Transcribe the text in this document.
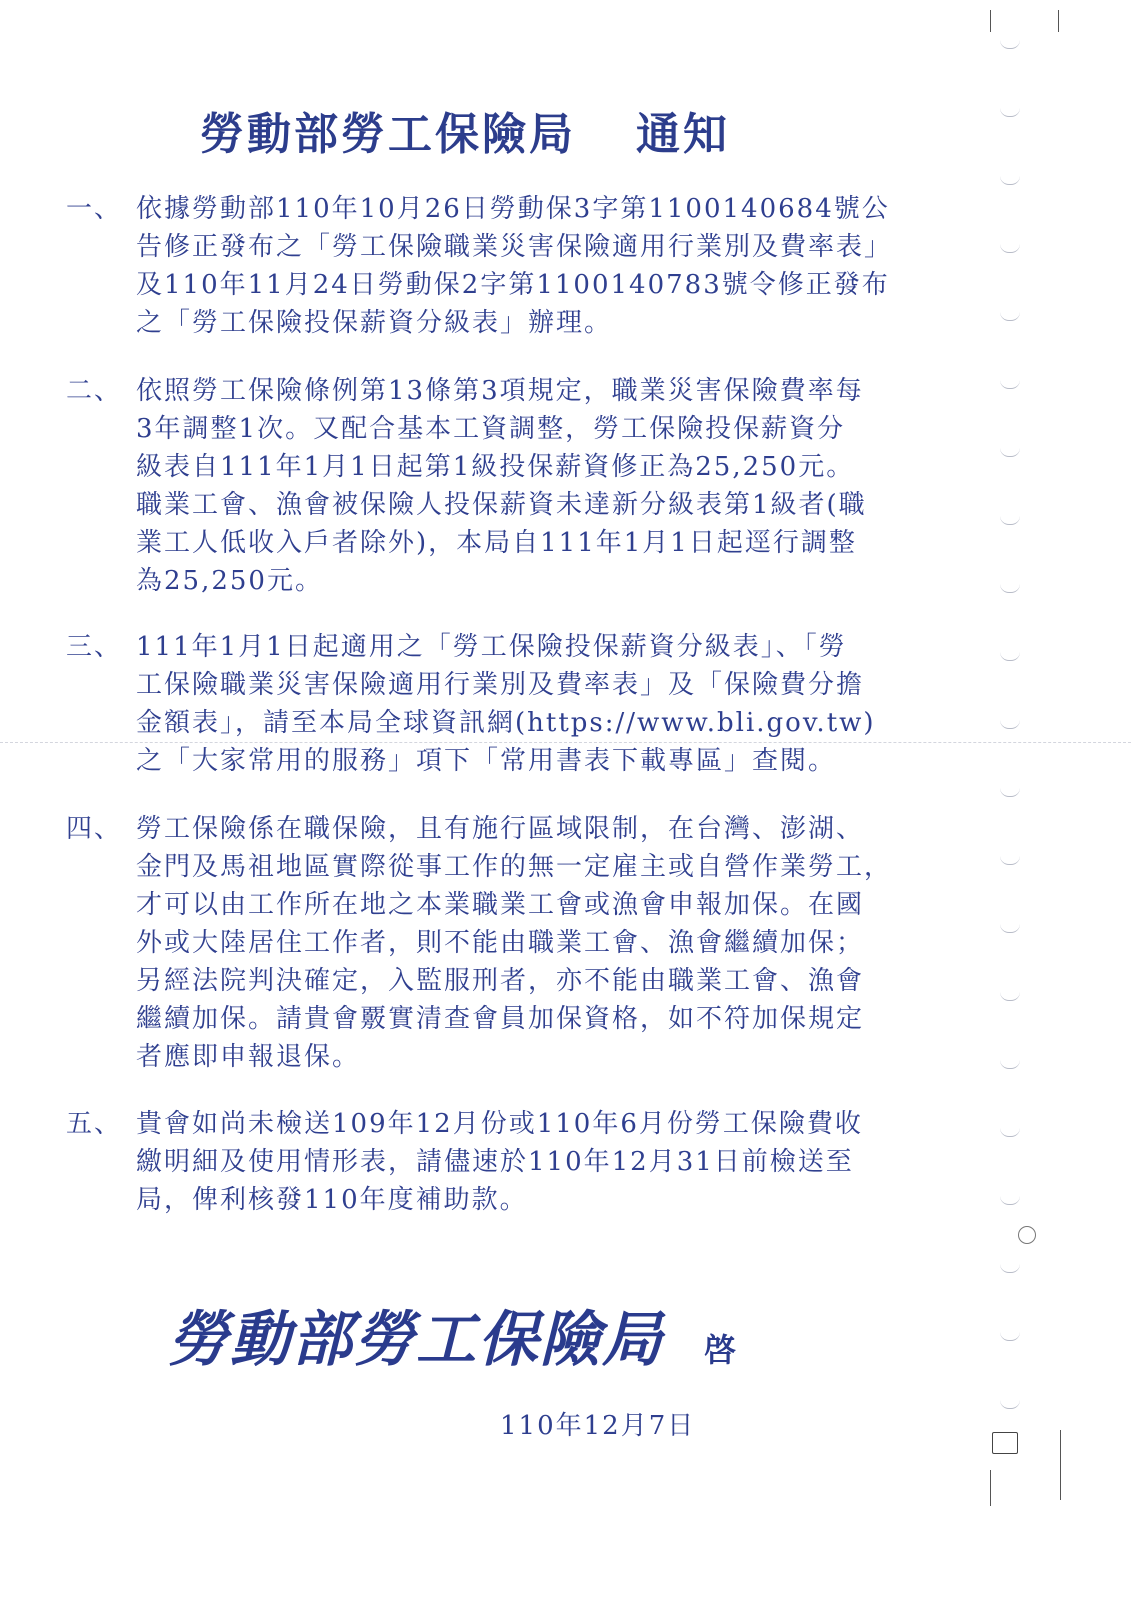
勞動部勞工保險局 通知
一、 依據勞動部110年10月26日勞動保3字第1100140684號公
告修正發布之「勞工保險職業災害保險適用行業別及費率表」
及110年11月24日勞動保2字第1100140783號令修正發布
之「勞工保險投保薪資分級表」辦理。
二、 依照勞工保險條例第13條第3項規定，職業災害保險費率每
3年調整1次。又配合基本工資調整，勞工保險投保薪資分
級表自111年1月1日起第1級投保薪資修正為25,250元。
職業工會、漁會被保險人投保薪資未達新分級表第1級者(職
業工人低收入戶者除外)，本局自111年1月1日起逕行調整
為25,250元。
三、 111年1月1日起適用之「勞工保險投保薪資分級表」、「勞
工保險職業災害保險適用行業別及費率表」及「保險費分擔
金額表」，請至本局全球資訊網(https://www.bli.gov.tw)
之「大家常用的服務」項下「常用書表下載專區」查閱。
四、 勞工保險係在職保險，且有施行區域限制，在台灣、澎湖、
金門及馬祖地區實際從事工作的無一定雇主或自營作業勞工，
才可以由工作所在地之本業職業工會或漁會申報加保。在國
外或大陸居住工作者，則不能由職業工會、漁會繼續加保；
另經法院判決確定，入監服刑者，亦不能由職業工會、漁會
繼續加保。請貴會覈實清查會員加保資格，如不符加保規定
者應即申報退保。
五、 貴會如尚未檢送109年12月份或110年6月份勞工保險費收
繳明細及使用情形表，請儘速於110年12月31日前檢送至
局，俾利核發110年度補助款。
勞動部勞工保險局 啓
110年12月7日
